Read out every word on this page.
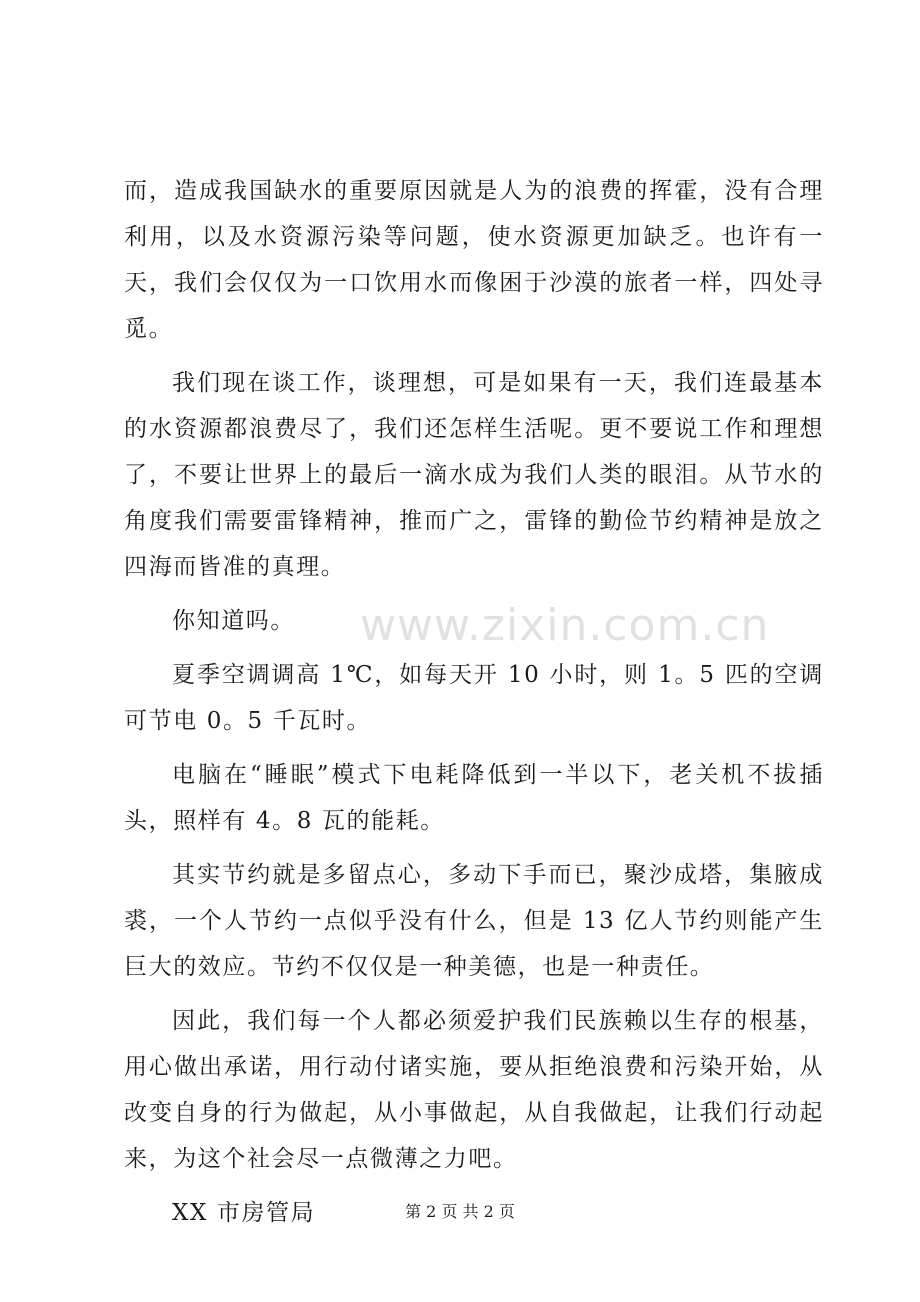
而，造成我国缺水的重要原因就是人为的浪费的挥霍，没有合理利用，以及水资源污染等问题，使水资源更加缺乏。也许有一天，我们会仅仅为一口饮用水而像困于沙漠的旅者一样，四处寻觅。

我们现在谈工作，谈理想，可是如果有一天，我们连最基本的水资源都浪费尽了，我们还怎样生活呢。更不要说工作和理想了，不要让世界上的最后一滴水成为我们人类的眼泪。从节水的角度我们需要雷锋精神，推而广之，雷锋的勤俭节约精神是放之四海而皆准的真理。

你知道吗。

夏季空调调高 1℃，如每天开 10 小时，则 1。5 匹的空调可节电 0。5 千瓦时。

电脑在“睡眠”模式下电耗降低到一半以下，老关机不拔插头，照样有 4。8 瓦的能耗。

其实节约就是多留点心，多动下手而已，聚沙成塔，集腋成裘，一个人节约一点似乎没有什么，但是 13 亿人节约则能产生巨大的效应。节约不仅仅是一种美德，也是一种责任。

因此，我们每一个人都必须爱护我们民族赖以生存的根基，用心做出承诺，用行动付诸实施，要从拒绝浪费和污染开始，从改变自身的行为做起，从小事做起，从自我做起，让我们行动起来，为这个社会尽一点微薄之力吧。

XX 市房管局

www.zixin.com.cn
第 2 页 共 2 页
